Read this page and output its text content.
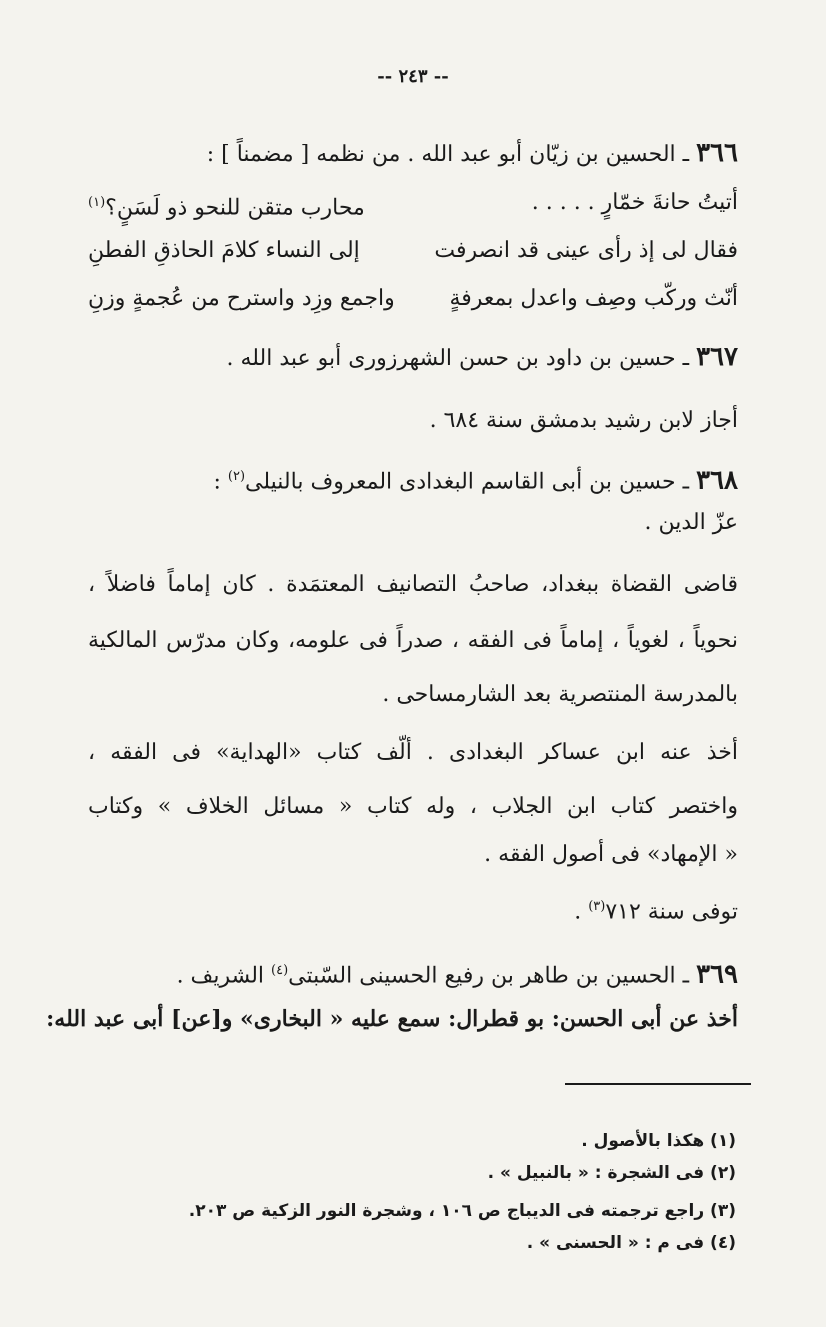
-- ٢٤٣ --
٣٦٦ ـ الحسين بن زيّان أبو عبد الله . من نظمه [ مضمناً ] :
أتيتُ حانةَ خمّارٍ . . . . .
محارب متقن للنحو ذو لَسَنٍ؟$^{(١)}$
فقال لى إذ رأى عينى قد انصرفت
إلى النساء كلامَ الحاذقِ الفطنِ
أنّث وركّب وصِف واعدل بمعرفةٍ
واجمع وزِد واسترح من عُجمةٍ وزنِ
٣٦٧ ـ حسين بن داود بن حسن الشهرزورى أبو عبد الله .
أجاز لابن رشيد بدمشق سنة ٦٨٤ .
٣٦٨ ـ حسين بن أبى القاسم البغدادى المعروف بالنيلى$^{(٢)}$ :
عزّ الدين .
قاضى القضاة ببغداد، صاحبُ التصانيف المعتمَدة . كان إماماً فاضلاً ،
نحوياً ، لغوياً ، إماماً فى الفقه ، صدراً فى علومه، وكان مدرّس المالكية
بالمدرسة المنتصرية بعد الشارمساحى .
أخذ عنه ابن عساكر البغدادى . ألّف كتاب «الهداية» فى الفقه ،
واختصر كتاب ابن الجلاب ، وله كتاب « مسائل الخلاف » وكتاب
« الإمهاد» فى أصول الفقه .
توفى سنة ٧١٢$^{(٣)}$ .
٣٦٩ ـ الحسين بن طاهر بن رفيع الحسينى السّبتى$^{(٤)}$ الشريف .
أخذ عن أبى الحسن: بو قطرال: سمع عليه « البخارى» و[عن] أبى عبد الله:
(١) هكذا بالأصول .
(٢) فى الشجرة : « بالنبيل » .
(٣) راجع ترجمته فى الديباج ص ١٠٦ ، وشجرة النور الزكية ص ٢٠٣.
(٤) فى م : « الحسنى » .
